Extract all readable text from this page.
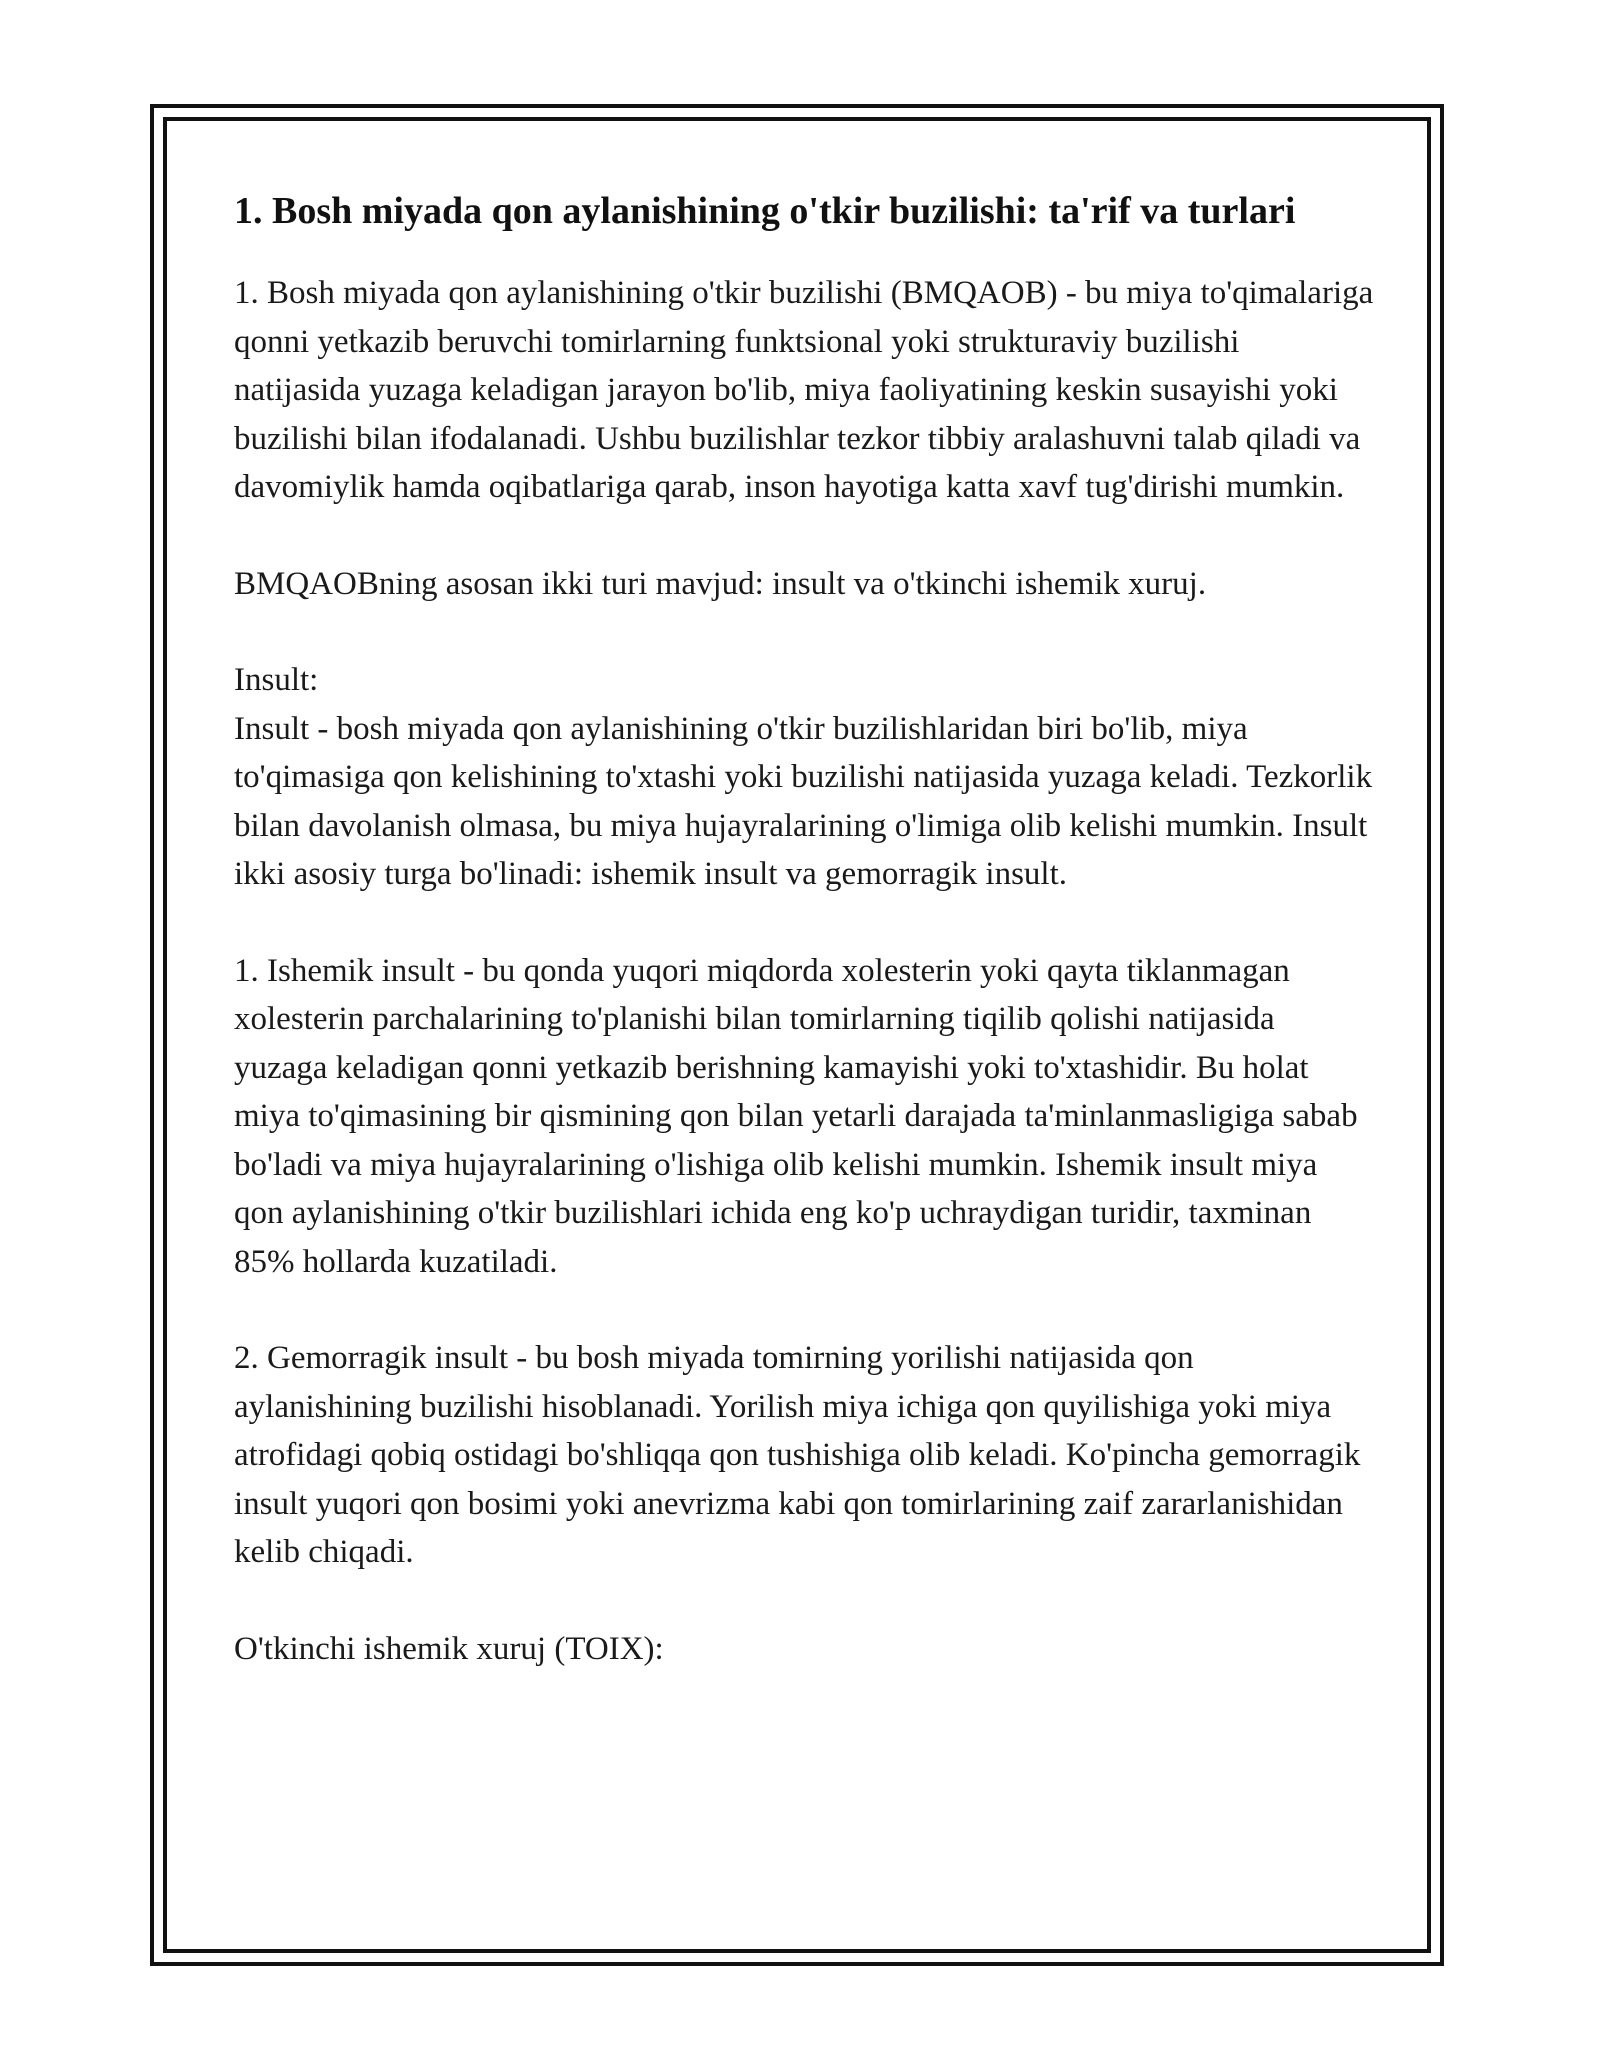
1. Bosh miyada qon aylanishining o'tkir buzilishi: ta'rif va turlari

1. Bosh miyada qon aylanishining o'tkir buzilishi (BMQAOB) - bu miya to'qimalariga qonni yetkazib beruvchi tomirlarning funktsional yoki strukturaviy buzilishi natijasida yuzaga keladigan jarayon bo'lib, miya faoliyatining keskin susayishi yoki buzilishi bilan ifodalanadi. Ushbu buzilishlar tezkor tibbiy aralashuvni talab qiladi va davomiylik hamda oqibatlariga qarab, inson hayotiga katta xavf tug'dirishi mumkin.

BMQAOBning asosan ikki turi mavjud: insult va o'tkinchi ishemik xuruj.

Insult:

Insult - bosh miyada qon aylanishining o'tkir buzilishlaridan biri bo'lib, miya to'qimasiga qon kelishining to'xtashi yoki buzilishi natijasida yuzaga keladi. Tezkorlik bilan davolanish olmasa, bu miya hujayralarining o'limiga olib kelishi mumkin. Insult ikki asosiy turga bo'linadi: ishemik insult va gemorragik insult.

1. Ishemik insult - bu qonda yuqori miqdorda xolesterin yoki qayta tiklanmagan xolesterin parchalarining to'planishi bilan tomirlarning tiqilib qolishi natijasida yuzaga keladigan qonni yetkazib berishning kamayishi yoki to'xtashidir. Bu holat miya to'qimasining bir qismining qon bilan yetarli darajada ta'minlanmasligiga sabab bo'ladi va miya hujayralarining o'lishiga olib kelishi mumkin. Ishemik insult miya qon aylanishining o'tkir buzilishlari ichida eng ko'p uchraydigan turidir, taxminan 85% hollarda kuzatiladi.

2. Gemorragik insult - bu bosh miyada tomirning yorilishi natijasida qon aylanishining buzilishi hisoblanadi. Yorilish miya ichiga qon quyilishiga yoki miya atrofidagi qobiq ostidagi bo'shliqqa qon tushishiga olib keladi. Ko'pincha gemorragik insult yuqori qon bosimi yoki anevrizma kabi qon tomirlarining zaif zararlanishidan kelib chiqadi.

O'tkinchi ishemik xuruj (TOIX):
